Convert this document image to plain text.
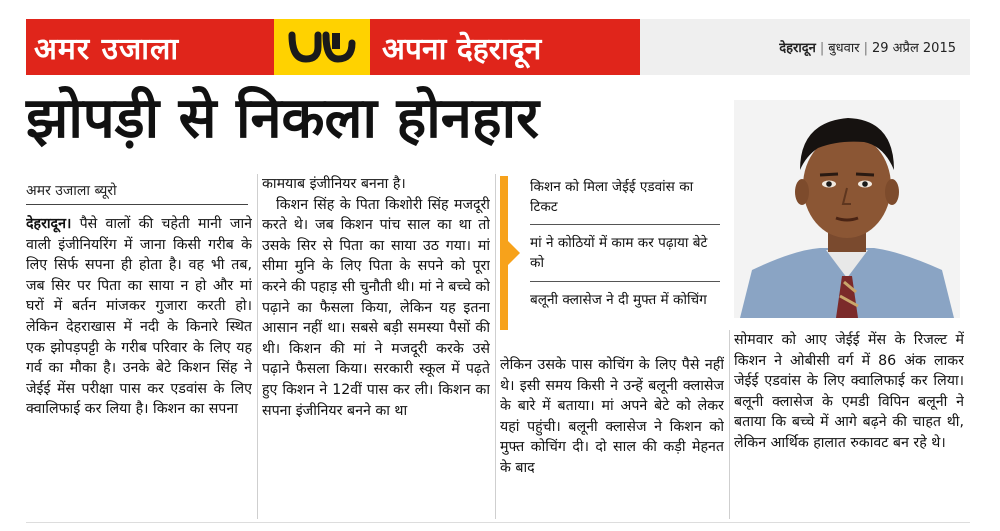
अमर उजाला	अपना देहरादून	देहरादून | बुधवार | 29 अप्रैल 2015
झोपड़ी से निकला होनहार
अमर उजाला ब्यूरो

देहरादून। पैसे वालों की चहेती मानी जाने वाली इंजीनियरिंग में जाना किसी गरीब के लिए सिर्फ सपना ही होता है। वह भी तब, जब सिर पर पिता का साया न हो और मां घरों में बर्तन मांजकर गुजारा करती हो। लेकिन देहराखास में नदी के किनारे स्थित एक झोपड़पट्टी के गरीब परिवार के लिए यह गर्व का मौका है। उनके बेटे किशन सिंह ने जेईई मेंस परीक्षा पास कर एडवांस के लिए क्वालिफाई कर लिया है। किशन का सपना

कामयाब इंजीनियर बनना है।

किशन सिंह के पिता किशोरी सिंह मजदूरी करते थे। जब किशन पांच साल का था तो उसके सिर से पिता का साया उठ गया। मां सीमा मुनि के लिए पिता के सपने को पूरा करने की पहाड़ सी चुनौती थी। मां ने बच्चे को पढ़ाने का फैसला किया, लेकिन यह इतना आसान नहीं था। सबसे बड़ी समस्या पैसों की थी। किशन की मां ने मजदूरी करके उसे पढ़ाने फैसला किया। सरकारी स्कूल में पढ़ते हुए किशन ने 12वीं पास कर ली। किशन का सपना इंजीनियर बनने का था

किशन को मिला जेईई एडवांस का टिकट
मां ने कोठियों में काम कर पढ़ाया बेटे को
बलूनी क्लासेज ने दी मुफ्त में कोचिंग

लेकिन उसके पास कोचिंग के लिए पैसे नहीं थे। इसी समय किसी ने उन्हें बलूनी क्लासेज के बारे में बताया। मां अपने बेटे को लेकर यहां पहुंची। बलूनी क्लासेज ने किशन को मुफ्त कोचिंग दी। दो साल की कड़ी मेहनत के बाद

सोमवार को आए जेईई मेंस के रिजल्ट में किशन ने ओबीसी वर्ग में 86 अंक लाकर जेईई एडवांस के लिए क्वालिफाई कर लिया। बलूनी क्लासेज के एमडी विपिन बलूनी ने बताया कि बच्चे में आगे बढ़ने की चाहत थी, लेकिन आर्थिक हालात रुकावट बन रहे थे।
